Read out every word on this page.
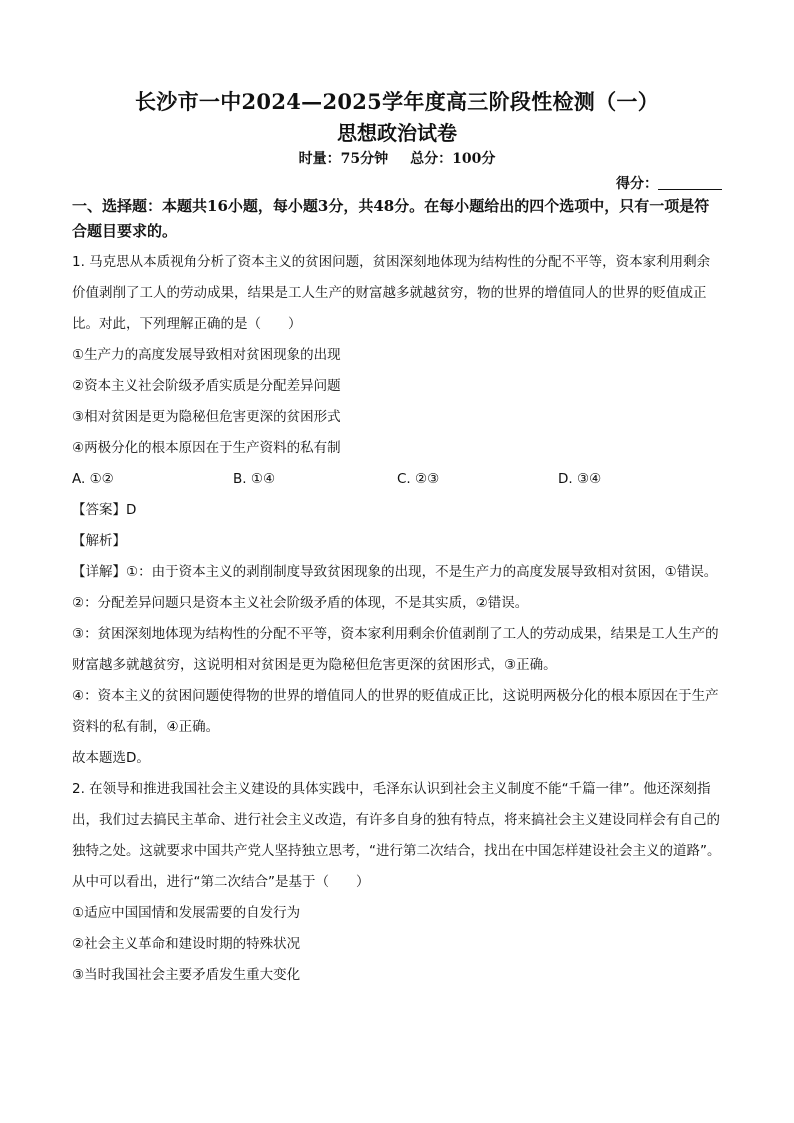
长沙市一中2024—2025学年度高三阶段性检测（一）
思想政治试卷
时量：75分钟 总分：100分
得分：
一、选择题：本题共16小题，每小题3分，共48分。在每小题给出的四个选项中，只有一项是符合题目要求的。

1. 马克思从本质视角分析了资本主义的贫困问题，贫困深刻地体现为结构性的分配不平等，资本家利用剩余价值剥削了工人的劳动成果，结果是工人生产的财富越多就越贫穷，物的世界的增值同人的世界的贬值成正比。对此，下列理解正确的是（　　）

①生产力的高度发展导致相对贫困现象的出现

②资本主义社会阶级矛盾实质是分配差异问题

③相对贫困是更为隐秘但危害更深的贫困形式

④两极分化的根本原因在于生产资料的私有制

A. ①②	B. ①④	C. ②③	D. ③④

【答案】D

【解析】

【详解】①：由于资本主义的剥削制度导致贫困现象的出现，不是生产力的高度发展导致相对贫困，①错误。

②：分配差异问题只是资本主义社会阶级矛盾的体现，不是其实质，②错误。

③：贫困深刻地体现为结构性的分配不平等，资本家利用剩余价值剥削了工人的劳动成果，结果是工人生产的财富越多就越贫穷，这说明相对贫困是更为隐秘但危害更深的贫困形式，③正确。

④：资本主义的贫困问题使得物的世界的增值同人的世界的贬值成正比，这说明两极分化的根本原因在于生产资料的私有制，④正确。

故本题选D。

2. 在领导和推进我国社会主义建设的具体实践中，毛泽东认识到社会主义制度不能“千篇一律”。他还深刻指出，我们过去搞民主革命、进行社会主义改造，有许多自身的独有特点，将来搞社会主义建设同样会有自己的独特之处。这就要求中国共产党人坚持独立思考，“进行第二次结合，找出在中国怎样建设社会主义的道路”。从中可以看出，进行“第二次结合”是基于（　　）

①适应中国国情和发展需要的自发行为

②社会主义革命和建设时期的特殊状况

③当时我国社会主要矛盾发生重大变化
